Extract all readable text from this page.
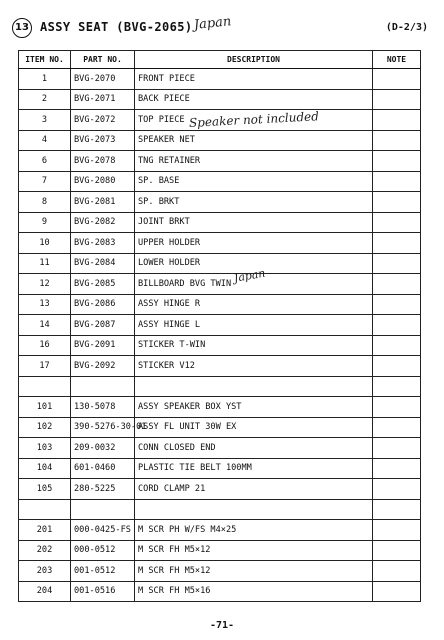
13 ASSY SEAT (BVG-2065) Japan	(D-2/3)
ITEM NO.	PART NO.	DESCRIPTION	NOTE
1	BVG-2070	FRONT PIECE	
2	BVG-2071	BACK PIECE	
3	BVG-2072	TOP PIECE	
4	BVG-2073	SPEAKER NET	
6	BVG-2078	TNG RETAINER	
7	BVG-2080	SP. BASE	
8	BVG-2081	SP. BRKT	
9	BVG-2082	JOINT BRKT	
10	BVG-2083	UPPER HOLDER	
11	BVG-2084	LOWER HOLDER	
12	BVG-2085	BILLBOARD BVG TWIN	
13	BVG-2086	ASSY HINGE R	
14	BVG-2087	ASSY HINGE L	
16	BVG-2091	STICKER T-WIN	
17	BVG-2092	STICKER V12	

101	130-5078	ASSY SPEAKER BOX YST	
102	390-5276-30-01	ASSY FL UNIT 30W EX	
103	209-0032	CONN CLOSED END	
104	601-0460	PLASTIC TIE BELT 100MM	
105	280-5225	CORD CLAMP 21	

201	000-0425-FS	M SCR PH W/FS M4×25	
202	000-0512	M SCR FH M5×12	
203	001-0512	M SCR FH M5×12	
204	001-0516	M SCR FH M5×16	
Speaker not included
Japan
-71-
